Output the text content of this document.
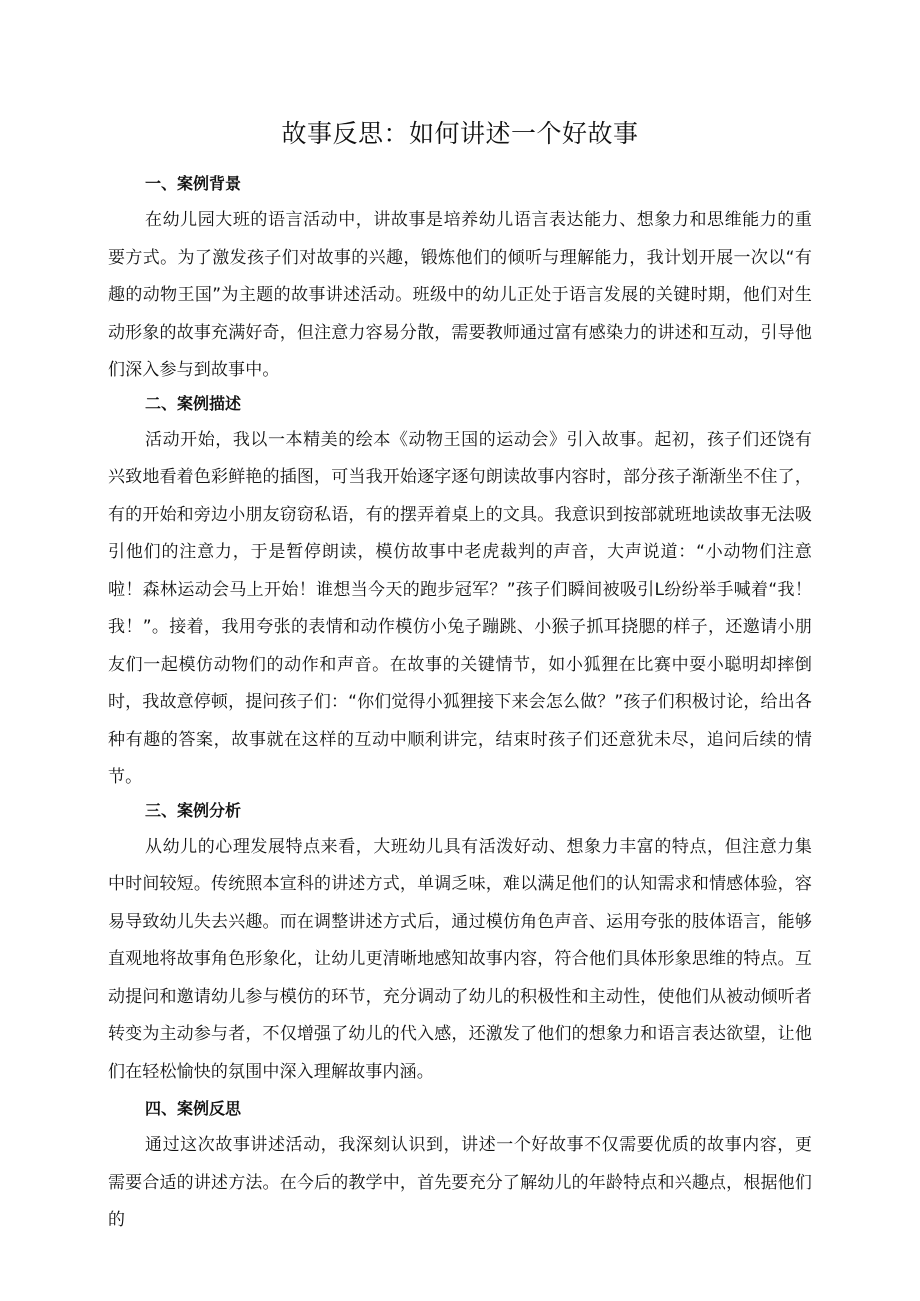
故事反思：如何讲述一个好故事
一、案例背景

在幼儿园大班的语言活动中，讲故事是培养幼儿语言表达能力、想象力和思维能力的重要方式。为了激发孩子们对故事的兴趣，锻炼他们的倾听与理解能力，我计划开展一次以“有趣的动物王国”为主题的故事讲述活动。班级中的幼儿正处于语言发展的关键时期，他们对生动形象的故事充满好奇，但注意力容易分散，需要教师通过富有感染力的讲述和互动，引导他们深入参与到故事中。

二、案例描述

活动开始，我以一本精美的绘本《动物王国的运动会》引入故事。起初，孩子们还饶有兴致地看着色彩鲜艳的插图，可当我开始逐字逐句朗读故事内容时，部分孩子渐渐坐不住了，有的开始和旁边小朋友窃窃私语，有的摆弄着桌上的文具。我意识到按部就班地读故事无法吸引他们的注意力，于是暂停朗读，模仿故事中老虎裁判的声音，大声说道：“小动物们注意啦！森林运动会马上开始！谁想当今天的跑步冠军？”孩子们瞬间被吸引L纷纷举手喊着“我！我！”。接着，我用夸张的表情和动作模仿小兔子蹦跳、小猴子抓耳挠腮的样子，还邀请小朋友们一起模仿动物们的动作和声音。在故事的关键情节，如小狐狸在比赛中耍小聪明却摔倒时，我故意停顿，提问孩子们：“你们觉得小狐狸接下来会怎么做？”孩子们积极讨论，给出各种有趣的答案，故事就在这样的互动中顺利讲完，结束时孩子们还意犹未尽，追问后续的情节。

三、案例分析

从幼儿的心理发展特点来看，大班幼儿具有活泼好动、想象力丰富的特点，但注意力集中时间较短。传统照本宣科的讲述方式，单调乏味，难以满足他们的认知需求和情感体验，容易导致幼儿失去兴趣。而在调整讲述方式后，通过模仿角色声音、运用夸张的肢体语言，能够直观地将故事角色形象化，让幼儿更清晰地感知故事内容，符合他们具体形象思维的特点。互动提问和邀请幼儿参与模仿的环节，充分调动了幼儿的积极性和主动性，使他们从被动倾听者转变为主动参与者，不仅增强了幼儿的代入感，还激发了他们的想象力和语言表达欲望，让他们在轻松愉快的氛围中深入理解故事内涵。

四、案例反思

通过这次故事讲述活动，我深刻认识到，讲述一个好故事不仅需要优质的故事内容，更需要合适的讲述方法。在今后的教学中，首先要充分了解幼儿的年龄特点和兴趣点，根据他们的
